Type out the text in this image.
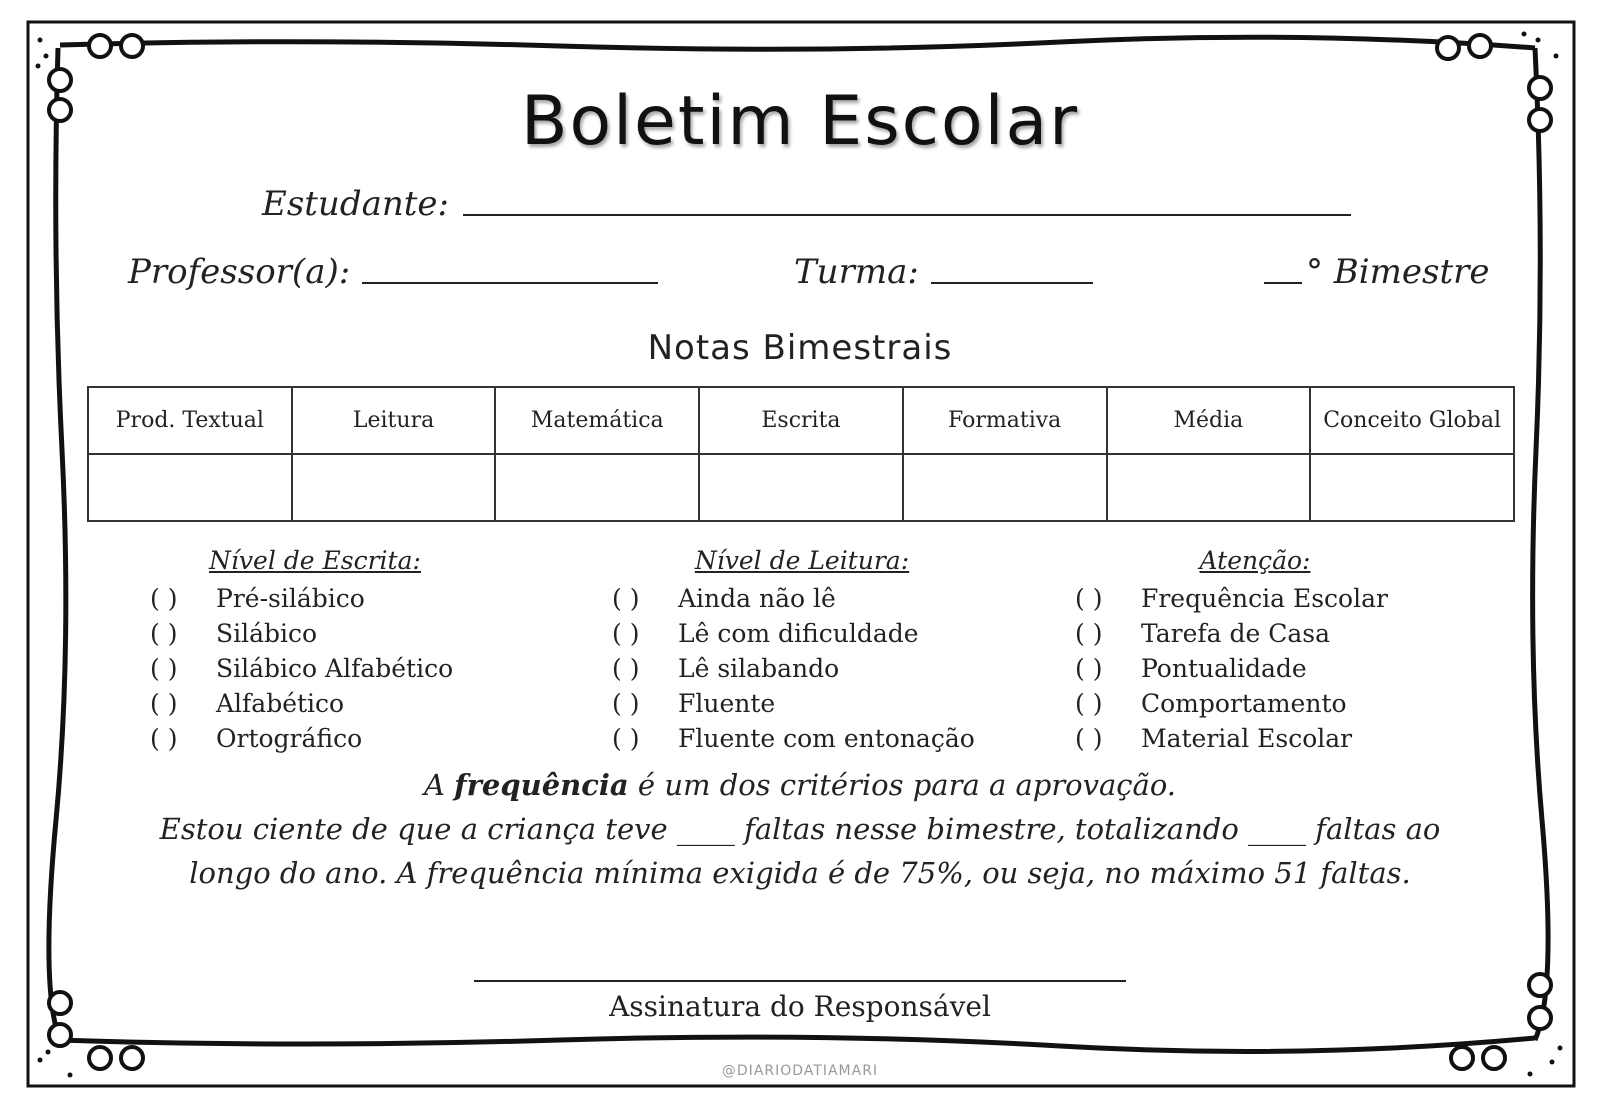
Boletim Escolar
Estudante:
Professor(a):	Turma:	° Bimestre
Notas Bimestrais
Prod. Textual	Leitura	Matemática	Escrita	Formativa	Média	Conceito Global

Nível de Escrita:
( )	Pré-silábico
( )	Silábico
( )	Silábico Alfabético
( )	Alfabético
( )	Ortográfico
Nível de Leitura:
( )	Ainda não lê
( )	Lê com dificuldade
( )	Lê silabando
( )	Fluente
( )	Fluente com entonação
Atenção:
( )	Frequência Escolar
( )	Tarefa de Casa
( )	Pontualidade
( )	Comportamento
( )	Material Escolar
A frequência é um dos critérios para a aprovação.
Estou ciente de que a criança teve ____ faltas nesse bimestre, totalizando ____ faltas ao
longo do ano. A frequência mínima exigida é de 75%, ou seja, no máximo 51 faltas.
Assinatura do Responsável
@DIARIODATIAMARI
